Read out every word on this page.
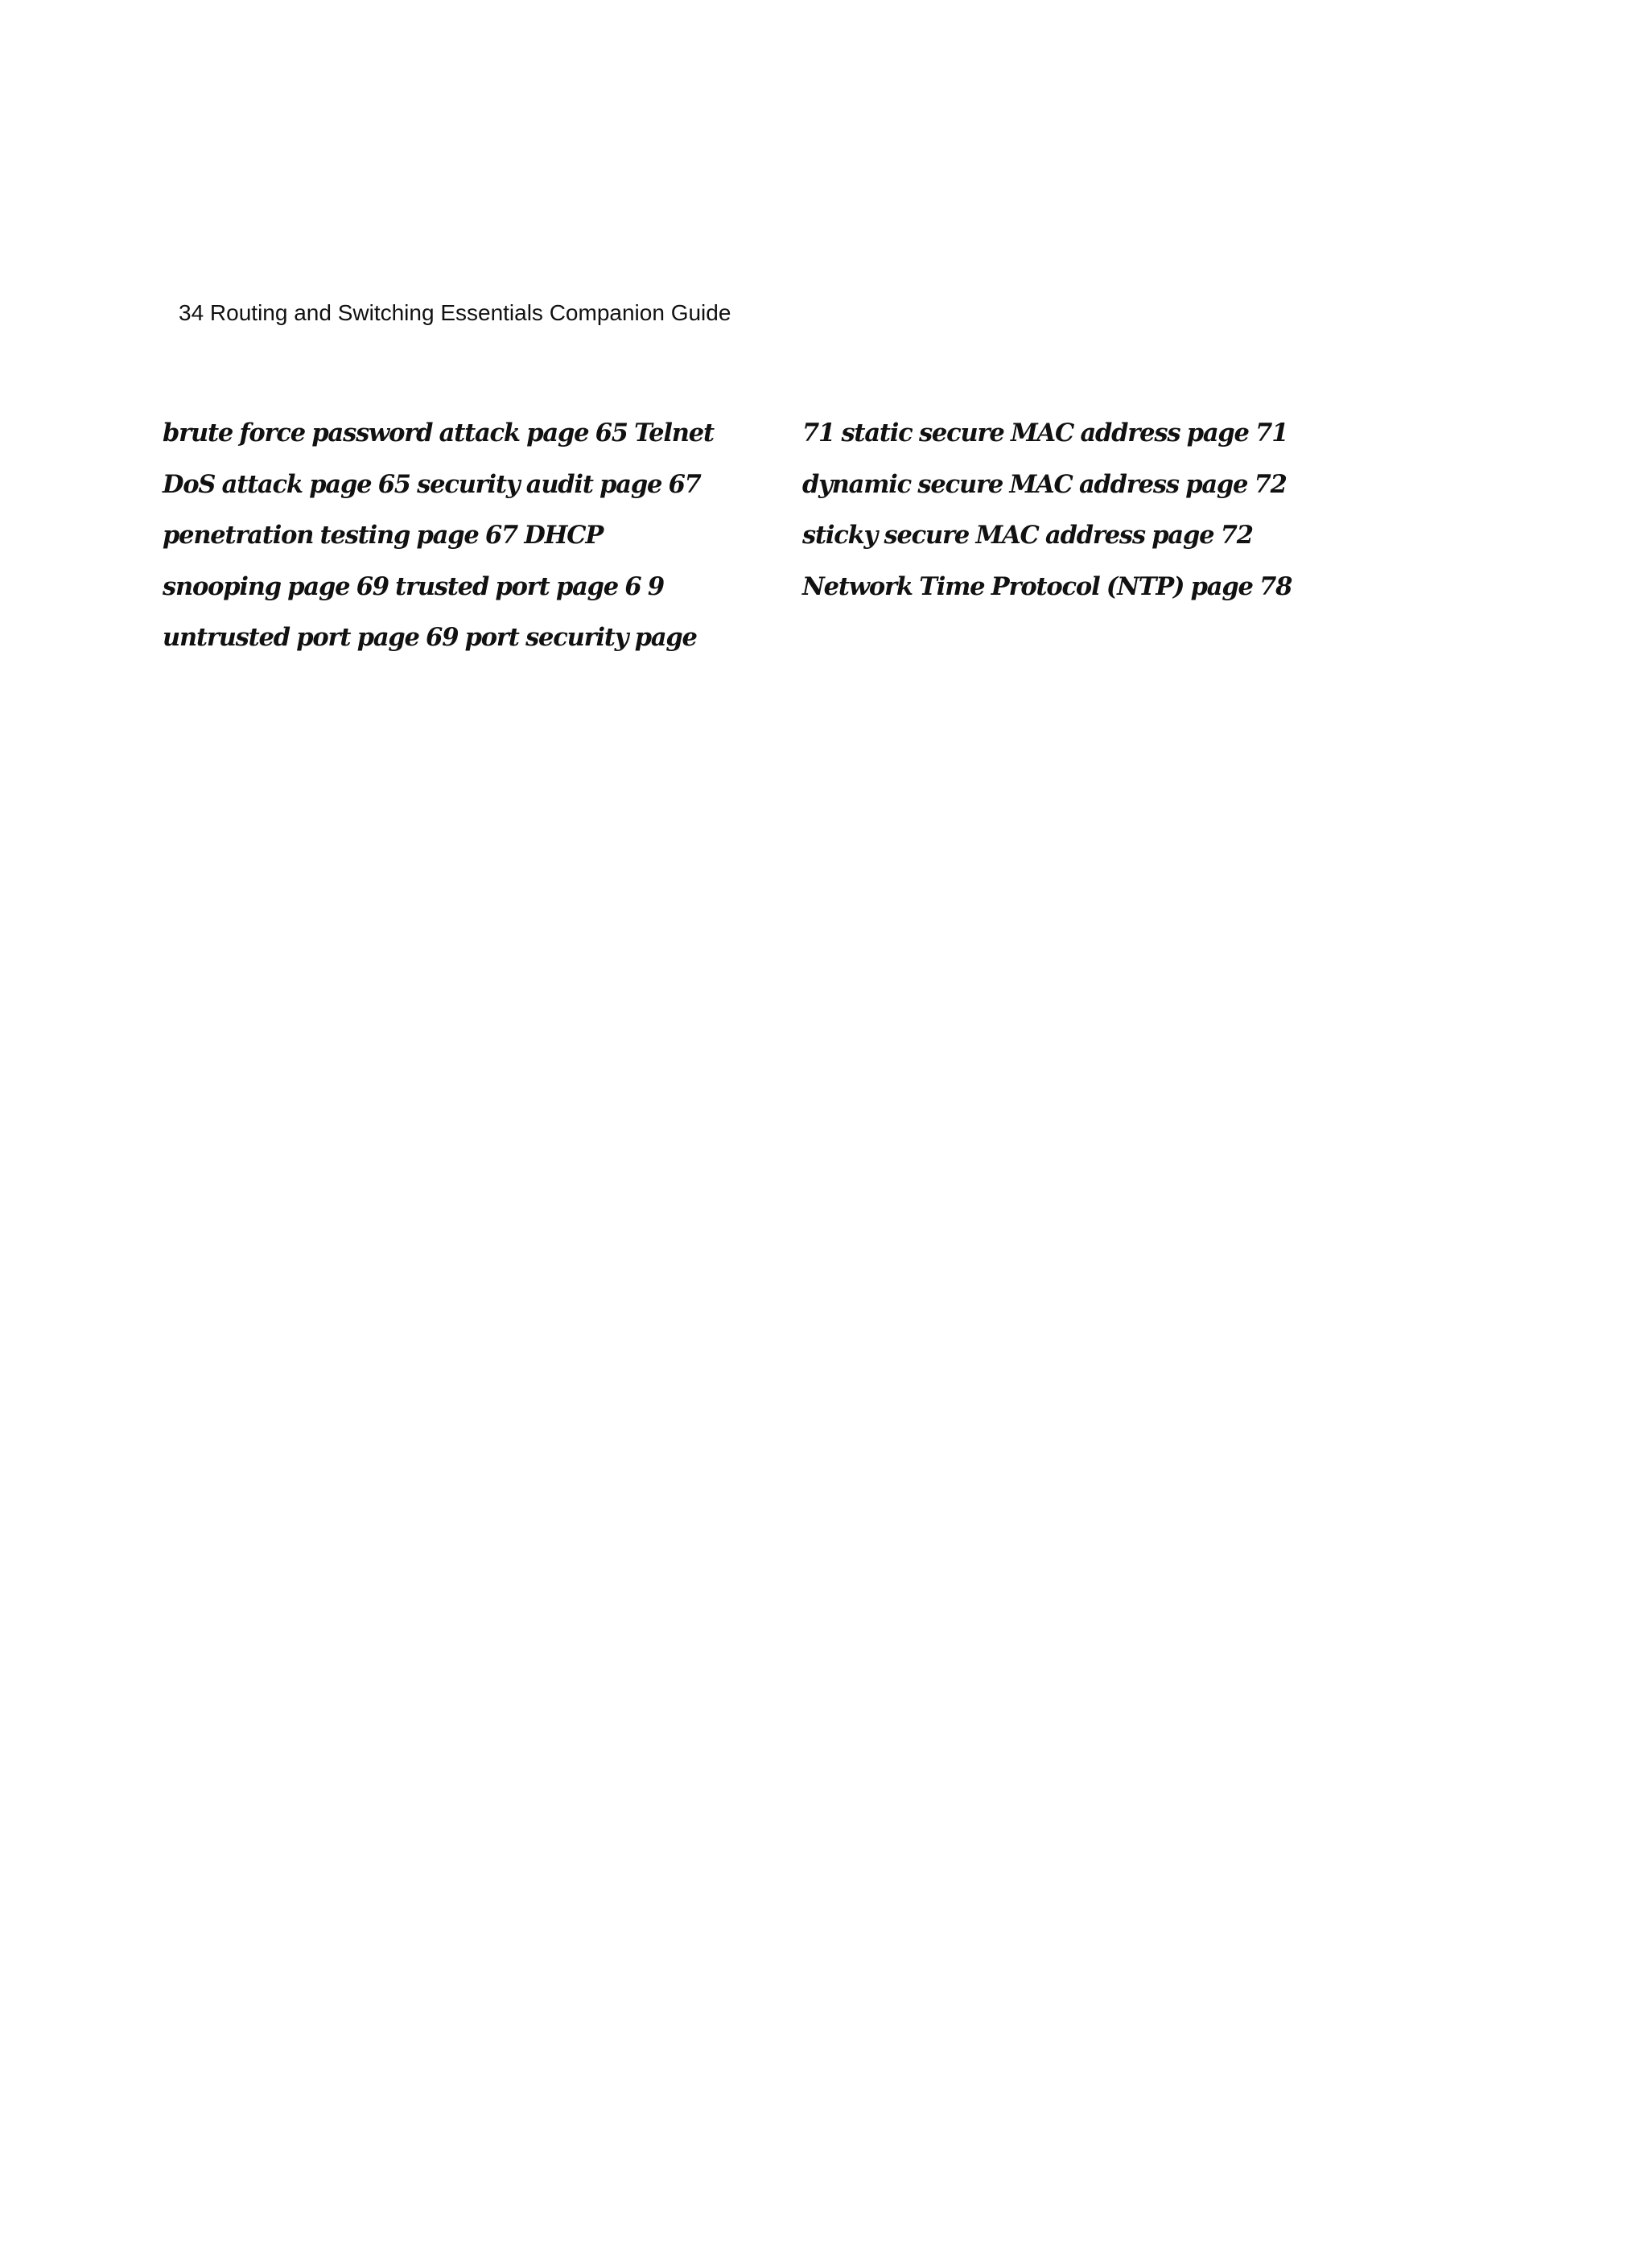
34 Routing and Switching Essentials Companion Guide
brute force password attack page 65 Telnet
DoS attack page 65 security audit page 67
penetration testing page 67 DHCP
snooping page 69 trusted port page 6 9
untrusted port page 69 port security page
71 static secure MAC address page 71
dynamic secure MAC address page 72
sticky secure MAC address page 72
Network Time Protocol (NTP) page 78
